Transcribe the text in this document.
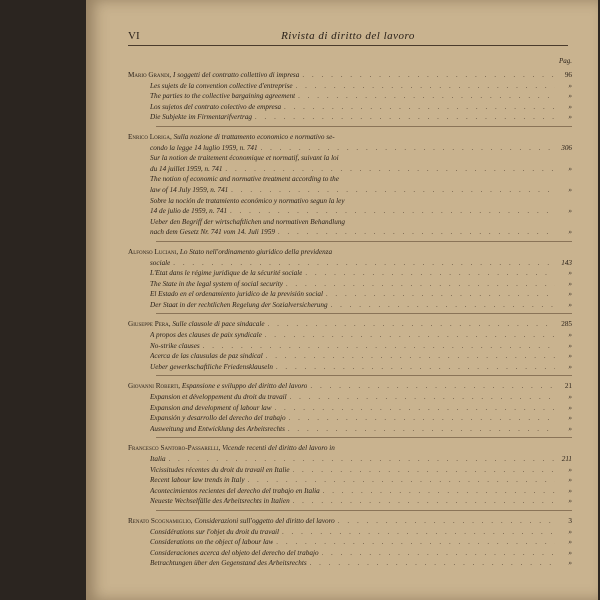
VI	Rivista di diritto del lavoro
Pag.
Mario Grandi, I soggetti del contratto collettivo di impresa . . .	96
Les sujets de la convention collective d'entreprise . . .	»
The parties to the collective bargaining agreement . . .	»
Los sujetos del contrato colectivo de empresa . . .	»
Die Subjekte im Firmentarifvertrag . . .	»
Enrico Loriga, Sulla nozione di trattamento economico e normativo se-
condo la legge 14 luglio 1959, n. 741 . . .	306
Sur la notion de traitement économique et normatif, suivant la loi
du 14 juillet 1959, n. 741 . . .	»
The notion of economic and normative treatment according to the
law of 14 July 1959, n. 741 . . .	»
Sobre la noción de tratamiento económico y normativo segun la ley
14 de julio de 1959, n. 741 . . .	»
Ueber den Begriff der wirtschaftlichen und normativen Behandlung
nach dem Gesetz Nr. 741 vom 14. Juli 1959 . . .	»
Alfonso Luciani, Lo Stato nell'ordinamento giuridico della previdenza
sociale . . .	143
L'Etat dans le régime juridique de la sécurité sociale . . .	»
The State in the legal system of social security . . .	»
El Estado en el ordenamiento juridico de la previsión social . . .	»
Der Staat in der rechtlichen Regelung der Sozialversicherung . . .	»
Giuseppe Pera, Sulle clausole di pace sindacale . . .	285
A propos des clauses de paix syndicale . . .	»
No-strike clauses . . .	»
Acerca de las clausulas de paz sindical . . .	»
Ueber gewerkschaftliche Friedensklauseln . . .	»
Giovanni Roberti, Espansione e sviluppo del diritto del lavoro . . .	21
Expansion et développement du droit du travail . . .	»
Expansion and development of labour law . . .	»
Expansión y desarrollo del derecho del trabajo . . .	»
Ausweitung und Entwicklung des Arbeitsrechts . . .	»
Francesco Santoro-Passarelli, Vicende recenti del diritto del lavoro in
Italia . . .	211
Vicissitudes récentes du droit du travail en Italie . . .	»
Recent labour law trends in Italy . . .	»
Acontecimientos recientes del derecho del trabajo en Italia . . .	»
Neueste Wechselfälle des Arbeitsrechts in Italien . . .	»
Renato Scognamiglio, Considerazioni sull'oggetto del diritto del lavoro . . .	3
Considérations sur l'objet du droit du travail . . .	»
Considerations on the object of labour law . . .	»
Consideraciones acerca del objeto del derecho del trabajo . . .	»
Betrachtungen über den Gegenstand des Arbeitsrechts . . .	»
